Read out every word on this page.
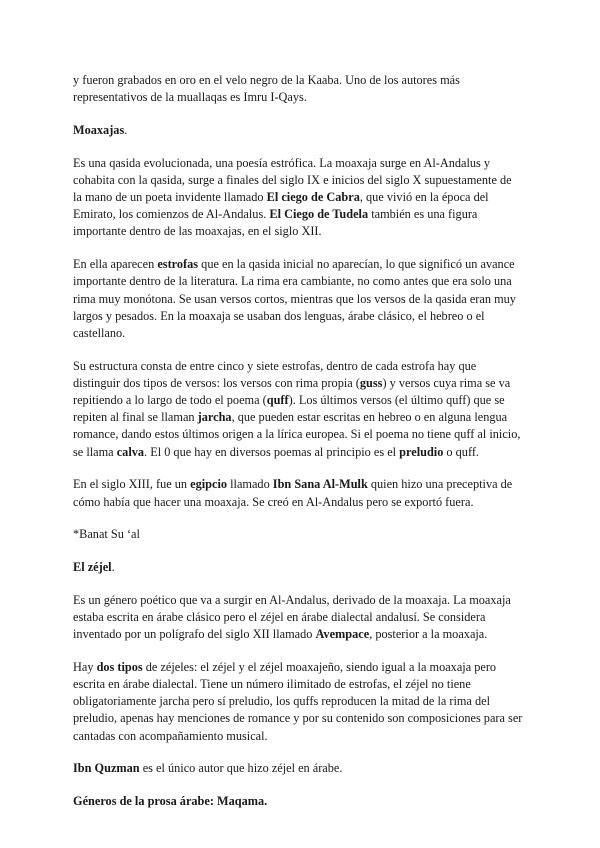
y fueron grabados en oro en el velo negro de la Kaaba. Uno de los autores más representativos de la muallaqas es Imru I-Qays.

Moaxajas.

Es una qasida evolucionada, una poesía estrófica. La moaxaja surge en Al-Andalus y cohabita con la qasida, surge a finales del siglo IX e inicios del siglo X supuestamente de la mano de un poeta invidente llamado El ciego de Cabra, que vivió en la época del Emirato, los comienzos de Al-Andalus. El Ciego de Tudela también es una figura importante dentro de las moaxajas, en el siglo XII.

En ella aparecen estrofas que en la qasida inicial no aparecían, lo que significó un avance importante dentro de la literatura. La rima era cambiante, no como antes que era solo una rima muy monótona. Se usan versos cortos, mientras que los versos de la qasida eran muy largos y pesados. En la moaxaja se usaban dos lenguas, árabe clásico, el hebreo o el castellano.

Su estructura consta de entre cinco y siete estrofas, dentro de cada estrofa hay que distinguir dos tipos de versos: los versos con rima propia (guss) y versos cuya rima se va repitiendo a lo largo de todo el poema (quff). Los últimos versos (el último quff) que se repiten al final se llaman jarcha, que pueden estar escritas en hebreo o en alguna lengua romance, dando estos últimos origen a la lírica europea. Si el poema no tiene quff al inicio, se llama calva. El 0 que hay en diversos poemas al principio es el preludio o quff.

En el siglo XIII, fue un egipcio llamado Ibn Sana Al-Mulk quien hizo una preceptiva de cómo había que hacer una moaxaja. Se creó en Al-Andalus pero se exportó fuera.

*Banat Su ‘al

El zéjel.

Es un género poético que va a surgir en Al-Andalus, derivado de la moaxaja. La moaxaja estaba escrita en árabe clásico pero el zéjel en árabe dialectal andalusí. Se considera inventado por un polígrafo del siglo XII llamado Avempace, posterior a la moaxaja.

Hay dos tipos de zéjeles: el zéjel y el zéjel moaxajeño, siendo igual a la moaxaja pero escrita en árabe dialectal. Tiene un número ilimitado de estrofas, el zéjel no tiene obligatoriamente jarcha pero sí preludio, los quffs reproducen la mitad de la rima del preludio, apenas hay menciones de romance y por su contenido son composiciones para ser cantadas con acompañamiento musical.

Ibn Quzman es el único autor que hizo zéjel en árabe.

Géneros de la prosa árabe: Maqama.
